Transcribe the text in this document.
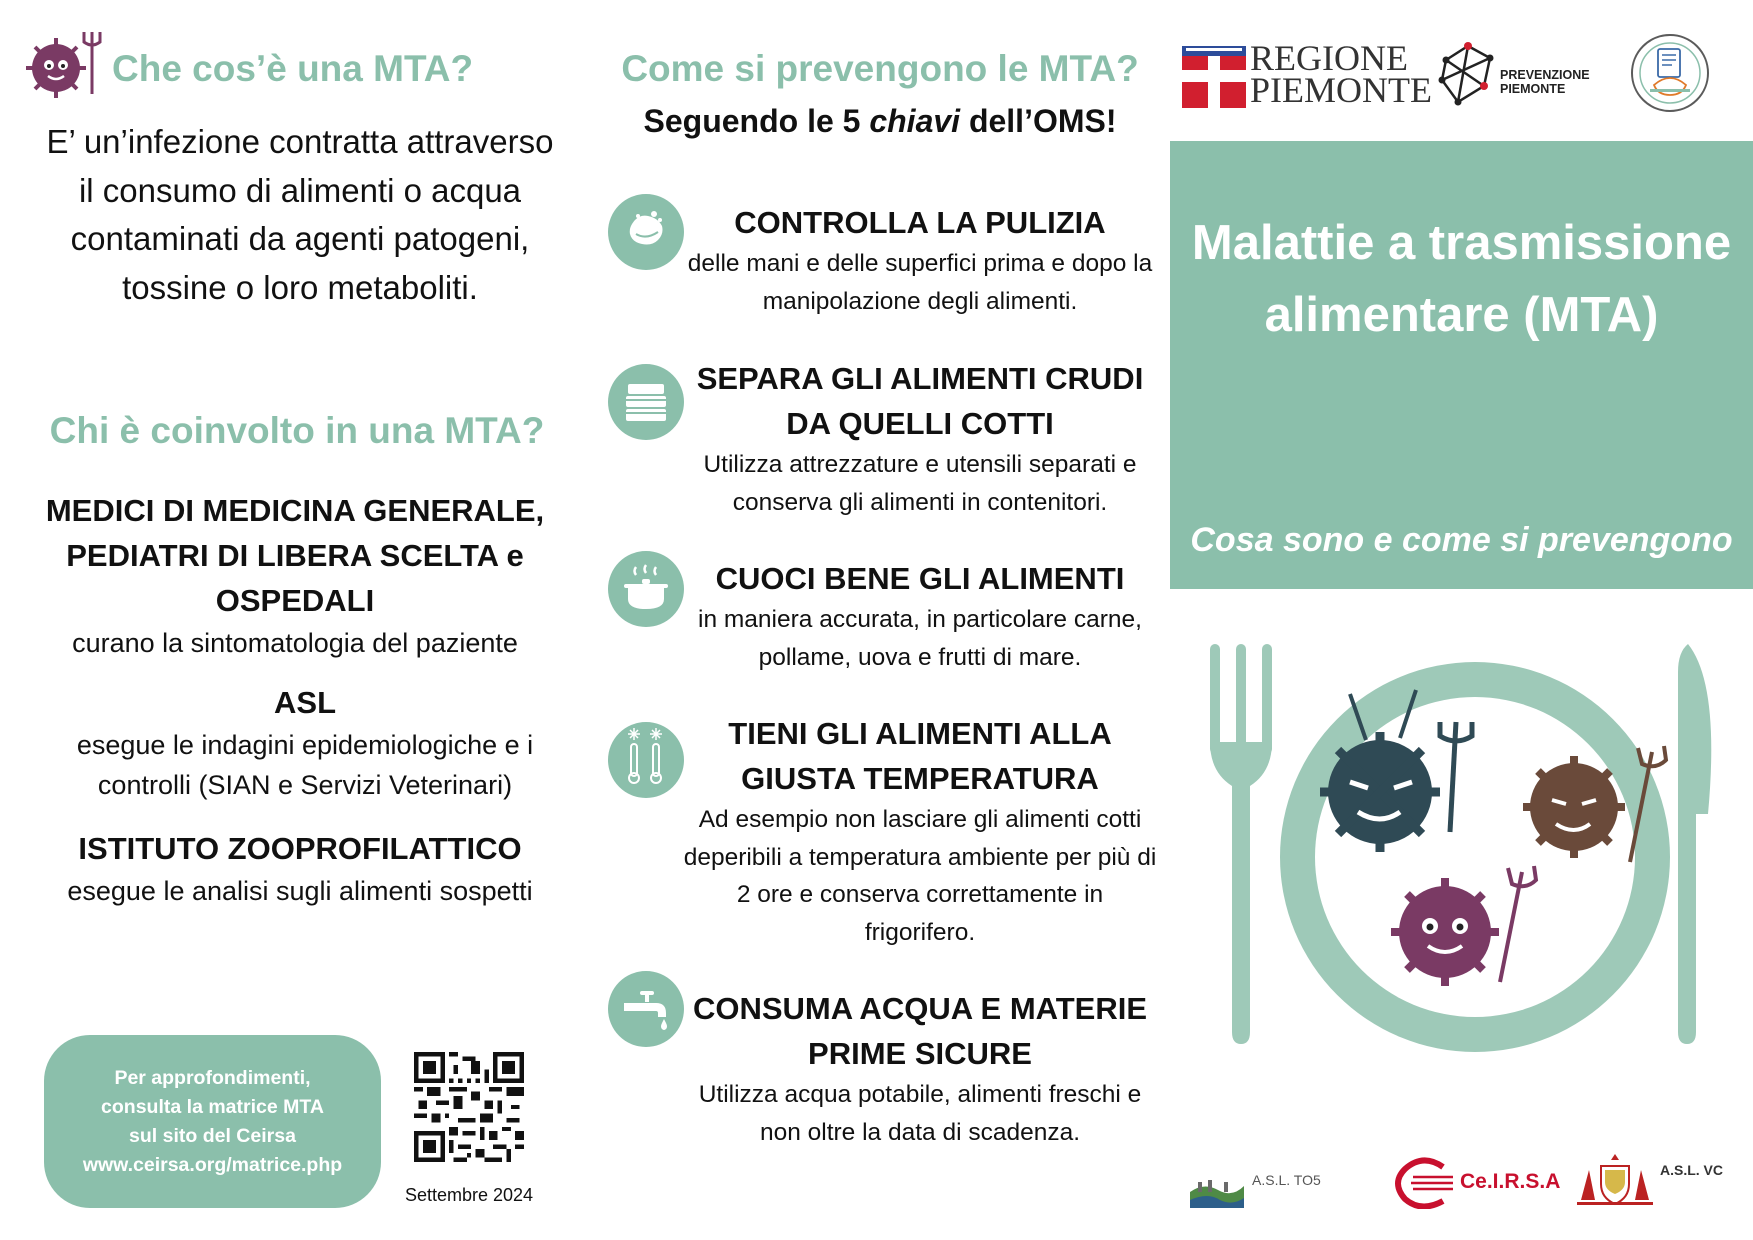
Che cos’è una MTA?
E’ un’infezione contratta attraverso il consumo di alimenti o acqua contaminati da agenti patogeni, tossine o loro metaboliti.
Chi è coinvolto in una MTA?
MEDICI DI MEDICINA GENERALE, PEDIATRI DI LIBERA SCELTA e OSPEDALI
curano la sintomatologia del paziente
ASL
esegue le indagini epidemiologiche e i controlli (SIAN e Servizi Veterinari)
ISTITUTO ZOOPROFILATTICO
esegue le analisi sugli alimenti sospetti
Per approfondimenti,
consulta la matrice MTA
sul sito del Ceirsa
www.ceirsa.org/matrice.php
Settembre 2024
Come si prevengono le MTA?
Seguendo le 5 chiavi dell’OMS!
CONTROLLA LA PULIZIA
delle mani e delle superfici prima e dopo la manipolazione degli alimenti.
SEPARA GLI ALIMENTI CRUDI DA QUELLI COTTI
Utilizza attrezzature e utensili separati e conserva gli alimenti in contenitori.
CUOCI BENE GLI ALIMENTI
in maniera accurata, in particolare carne, pollame, uova e frutti di mare.
TIENI GLI ALIMENTI ALLA GIUSTA TEMPERATURA
Ad esempio non lasciare gli alimenti cotti deperibili a temperatura ambiente per più di 2 ore e conserva correttamente in frigorifero.
CONSUMA ACQUA E MATERIE PRIME SICURE
Utilizza acqua potabile, alimenti freschi e non oltre la data di scadenza.
REGIONE
PIEMONTE	PREVENZIONE
PIEMONTE
Malattie a trasmissione alimentare (MTA)
Cosa sono e come si prevengono
A.S.L. TO5	Ce.I.R.S.A	A.S.L. VC
